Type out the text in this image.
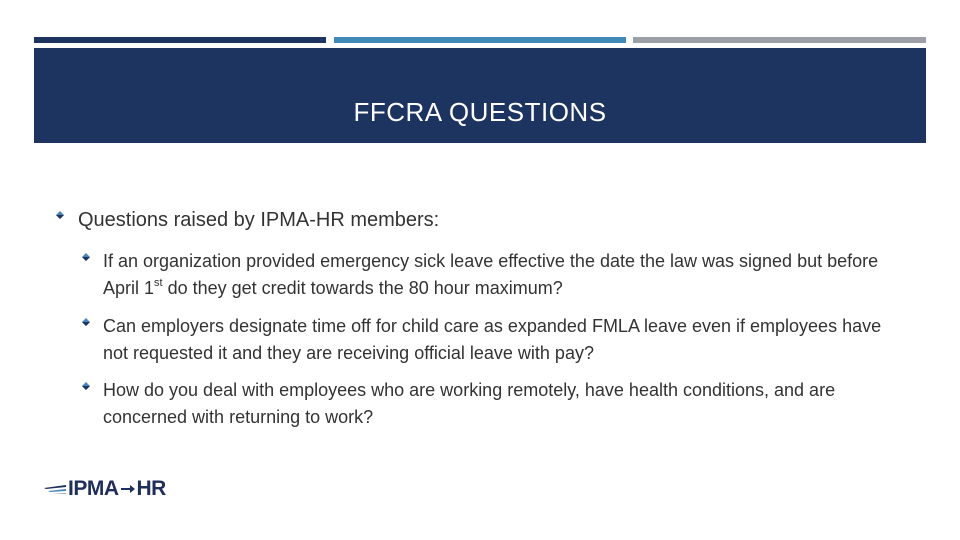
FFCRA QUESTIONS
Questions raised by IPMA-HR members:
If an organization provided emergency sick leave effective the date the law was signed but before April 1st do they get credit towards the 80 hour maximum?
Can employers designate time off for child care as expanded FMLA leave even if employees have not requested it and they are receiving official leave with pay?
How do you deal with employees who are working remotely, have health conditions, and are concerned with returning to work?
IPMA HR
